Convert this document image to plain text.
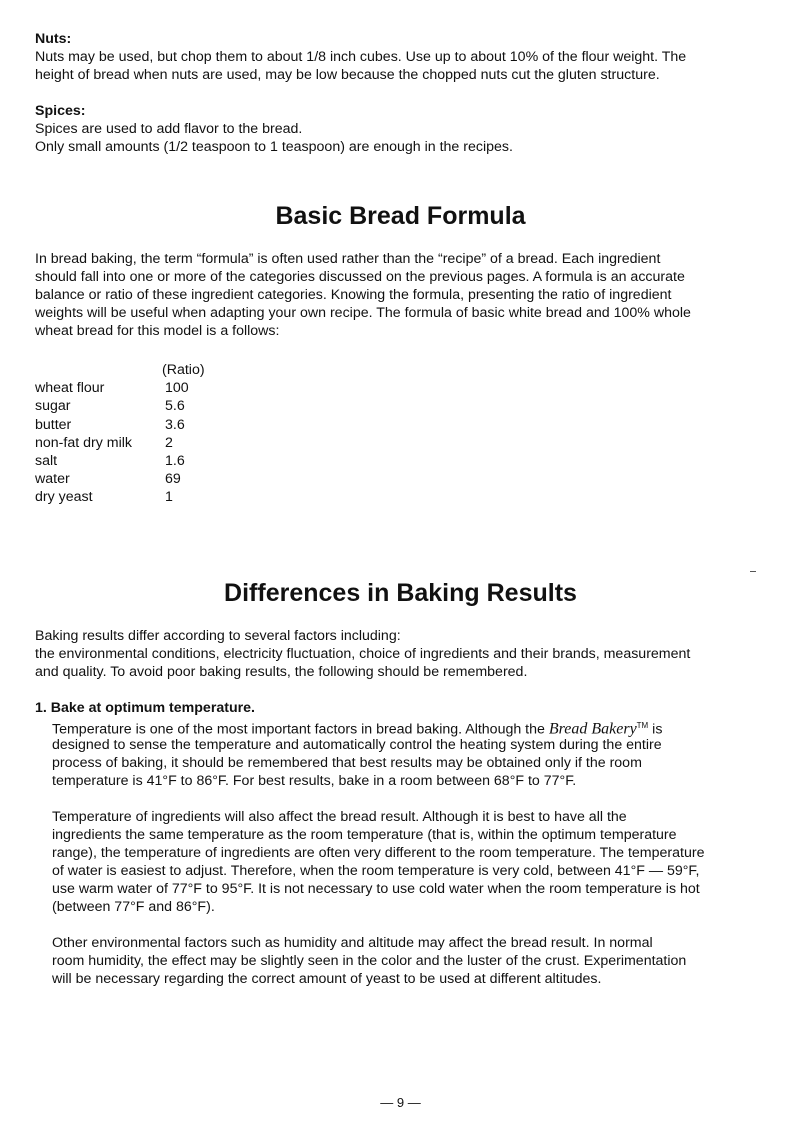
Nuts:

Nuts may be used, but chop them to about 1/8 inch cubes. Use up to about 10% of the flour weight. The

height of bread when nuts are used, may be low because the chopped nuts cut the gluten structure.

Spices:

Spices are used to add flavor to the bread.

Only small amounts (1/2 teaspoon to 1 teaspoon) are enough in the recipes.

Basic Bread Formula

In bread baking, the term “formula” is often used rather than the “recipe” of a bread. Each ingredient

should fall into one or more of the categories discussed on the previous pages. A formula is an accurate

balance or ratio of these ingredient categories. Knowing the formula, presenting the ratio of ingredient

weights will be useful when adapting your own recipe. The formula of basic white bread and 100% whole

wheat bread for this model is a follows:

	(Ratio)
wheat flour	100
sugar	5.6
butter	3.6
non-fat dry milk	2
salt	1.6
water	69
dry yeast	1
Differences in Baking Results

Baking results differ according to several factors including:

the environmental conditions, electricity fluctuation, choice of ingredients and their brands, measurement

and quality. To avoid poor baking results, the following should be remembered.

1. Bake at optimum temperature.

Temperature is one of the most important factors in bread baking. Although the Bread Bakery™ is

designed to sense the temperature and automatically control the heating system during the entire

process of baking, it should be remembered that best results may be obtained only if the room

temperature is 41°F to 86°F. For best results, bake in a room between 68°F to 77°F.

Temperature of ingredients will also affect the bread result. Although it is best to have all the

ingredients the same temperature as the room temperature (that is, within the optimum temperature

range), the temperature of ingredients are often very different to the room temperature. The temperature

of water is easiest to adjust. Therefore, when the room temperature is very cold, between 41°F — 59°F,

use warm water of 77°F to 95°F. It is not necessary to use cold water when the room temperature is hot

(between 77°F and 86°F).

Other environmental factors such as humidity and altitude may affect the bread result. In normal

room humidity, the effect may be slightly seen in the color and the luster of the crust. Experimentation

will be necessary regarding the correct amount of yeast to be used at different altitudes.

— 9 —
